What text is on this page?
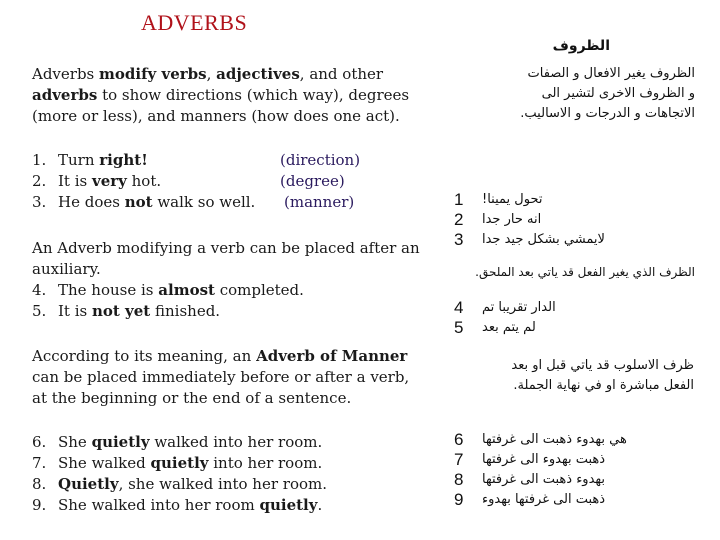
ADVERBS
Adverbs modify verbs, adjectives, and other
adverbs to show directions (which way), degrees
(more or less), and manners (how does one act).
1. Turn right!	(direction)
2. It is very hot.	(degree)
3. He does not walk so well.	(manner)
An Adverb modifying a verb can be placed after an
auxiliary.
4. The house is almost completed.
5. It is not yet finished.
According to its meaning, an Adverb of Manner
can be placed immediately before or after a verb,
at the beginning or the end of a sentence.
6. She quietly walked into her room.
7. She walked quietly into her room.
8. Quietly, she walked into her room.
9. She walked into her room quietly.
الظروف
الظروف يغير الافعال و الصفات
و الظروف الاخرى لتشير الى
الاتجاهات و الدرجات و الاساليب.
1	تحول يمينا!
2	انه حار جدا
3	لايمشي بشكل جيد جدا
الظرف الذي يغير الفعل قد ياتي بعد الملحق.
4	الدار تقريبا تم
5	لم يتم بعد
ظرف الاسلوب قد ياتي قبل او بعد
الفعل مباشرة او في نهاية الجملة.
6	هي بهدوء ذهبت الى غرفتها
7	ذهبت بهدوء الى غرفتها
8	بهدوء ذهبت الى غرفتها
9	ذهبت الى غرفتها بهدوء
